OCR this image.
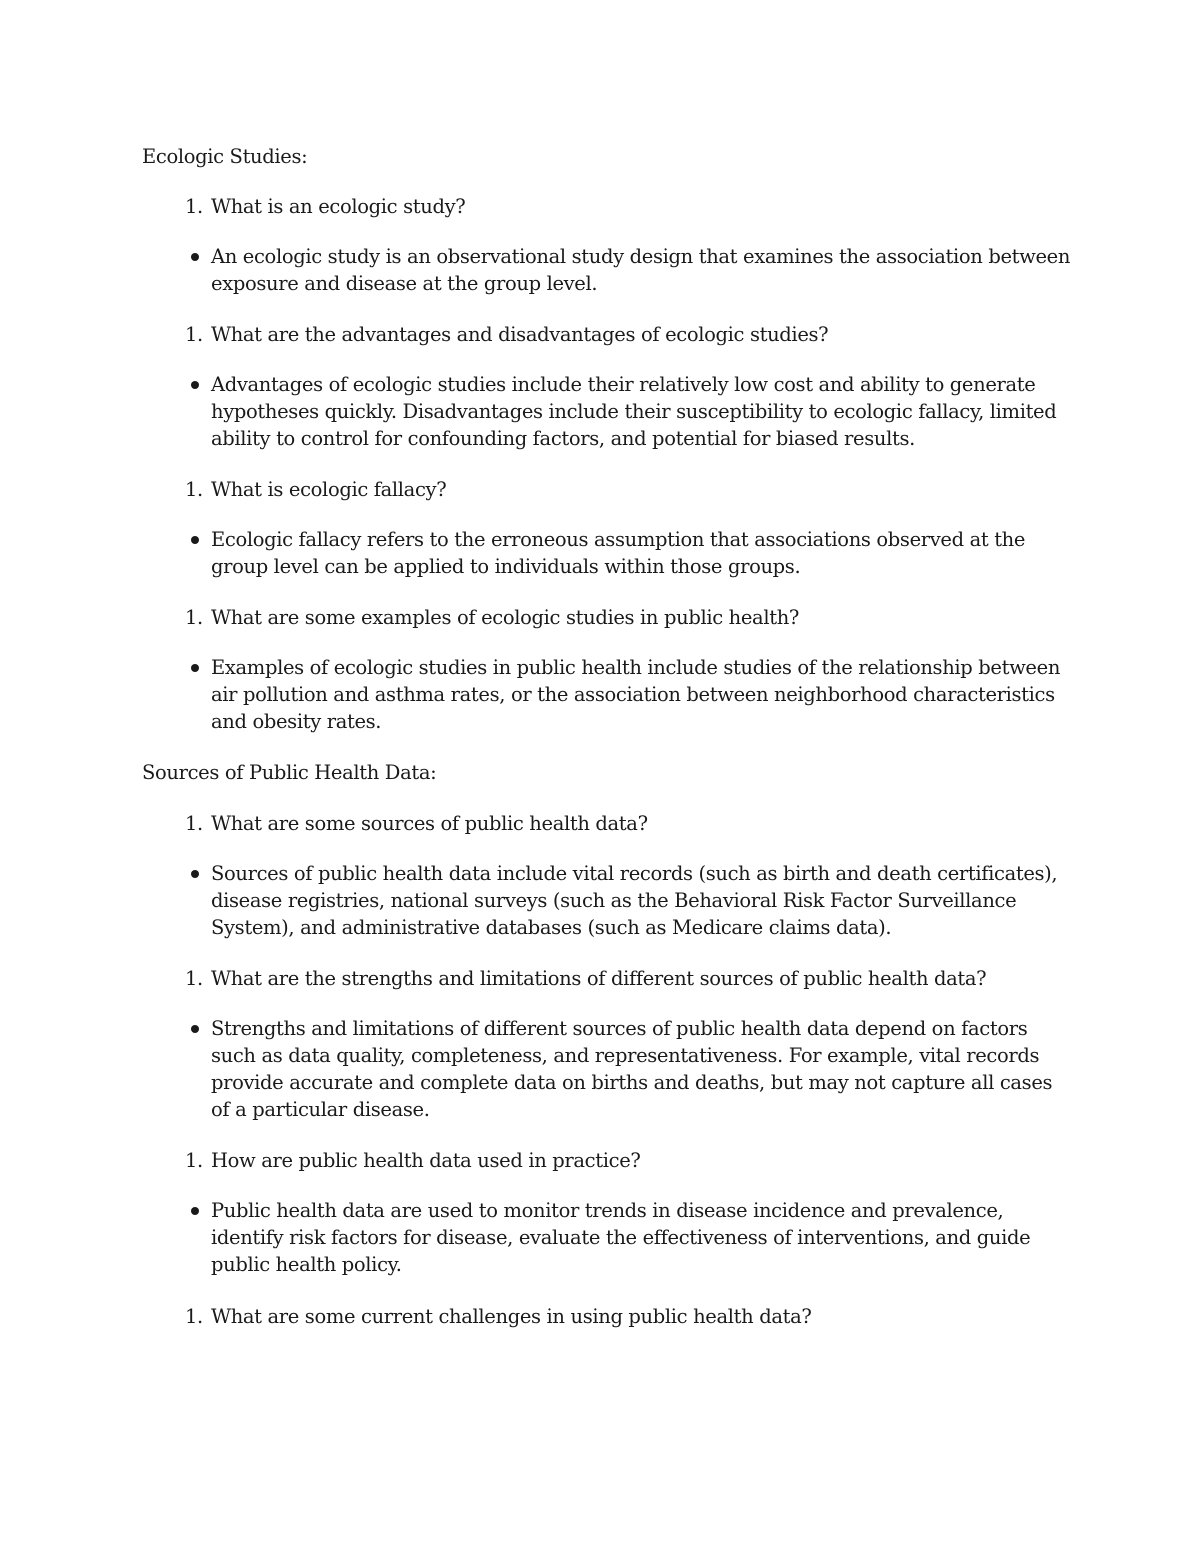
Ecologic Studies:
1. What is an ecologic study?
An ecologic study is an observational study design that examines the association between exposure and disease at the group level.
1. What are the advantages and disadvantages of ecologic studies?
Advantages of ecologic studies include their relatively low cost and ability to generate hypotheses quickly. Disadvantages include their susceptibility to ecologic fallacy, limited ability to control for confounding factors, and potential for biased results.
1. What is ecologic fallacy?
Ecologic fallacy refers to the erroneous assumption that associations observed at the group level can be applied to individuals within those groups.
1. What are some examples of ecologic studies in public health?
Examples of ecologic studies in public health include studies of the relationship between air pollution and asthma rates, or the association between neighborhood characteristics and obesity rates.
Sources of Public Health Data:
1. What are some sources of public health data?
Sources of public health data include vital records (such as birth and death certificates), disease registries, national surveys (such as the Behavioral Risk Factor Surveillance System), and administrative databases (such as Medicare claims data).
1. What are the strengths and limitations of different sources of public health data?
Strengths and limitations of different sources of public health data depend on factors such as data quality, completeness, and representativeness. For example, vital records provide accurate and complete data on births and deaths, but may not capture all cases of a particular disease.
1. How are public health data used in practice?
Public health data are used to monitor trends in disease incidence and prevalence, identify risk factors for disease, evaluate the effectiveness of interventions, and guide public health policy.
1. What are some current challenges in using public health data?
